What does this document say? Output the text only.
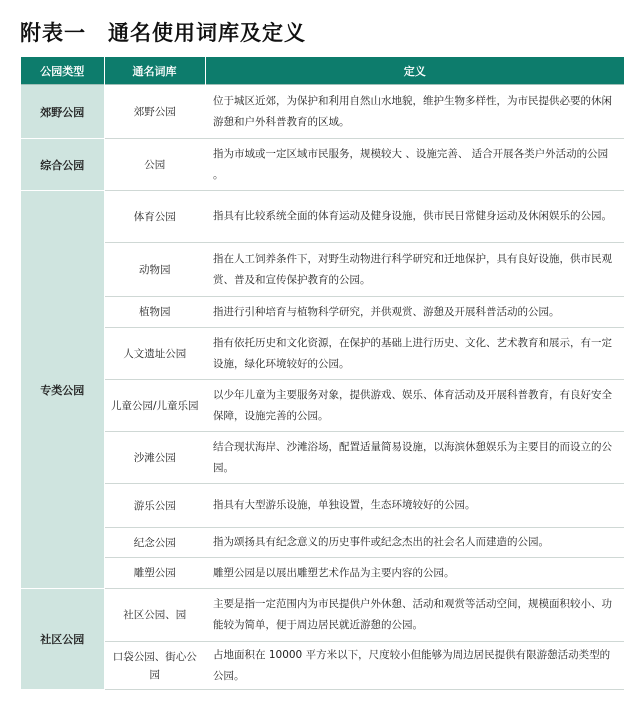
附表一　通名使用词库及定义
公园类型	通名词库	定义
郊野公园	郊野公园	位于城区近郊，为保护和利用自然山水地貌，维护生物多样性，为市民提供必要的休闲游憩和户外科普教育的区域。
综合公园	公园	指为市域或一定区域市民服务，规模较大 、设施完善、 适合开展各类户外活动的公园 。
专类公园	体育公园	指具有比较系统全面的体育运动及健身设施，供市民日常健身运动及休闲娱乐的公园。
	动物园	指在人工饲养条件下，对野生动物进行科学研究和迁地保护，具有良好设施，供市民观赏、普及和宣传保护教育的公园。
	植物园	指进行引种培育与植物科学研究，并供观赏、游憩及开展科普活动的公园。
	人文遗址公园	指有依托历史和文化资源，在保护的基础上进行历史、文化、艺术教育和展示，有一定设施，绿化环境较好的公园。
	儿童公园/儿童乐园	以少年儿童为主要服务对象，提供游戏、娱乐、体育活动及开展科普教育，有良好安全保障，设施完善的公园。
	沙滩公园	结合现状海岸、沙滩浴场，配置适量简易设施，以海滨休憩娱乐为主要目的而设立的公园。
	游乐公园	指具有大型游乐设施，单独设置，生态环境较好的公园。
	纪念公园	指为颂扬具有纪念意义的历史事件或纪念杰出的社会名人而建造的公园。
	雕塑公园	雕塑公园是以展出雕塑艺术作品为主要内容的公园。
社区公园	社区公园、园	主要是指一定范围内为市民提供户外休憩、活动和观赏等活动空间，规模面积较小、功能较为简单，便于周边居民就近游憩的公园。
	口袋公园、街心公园	占地面积在 10000 平方米以下，尺度较小但能够为周边居民提供有限游憩活动类型的公园。
